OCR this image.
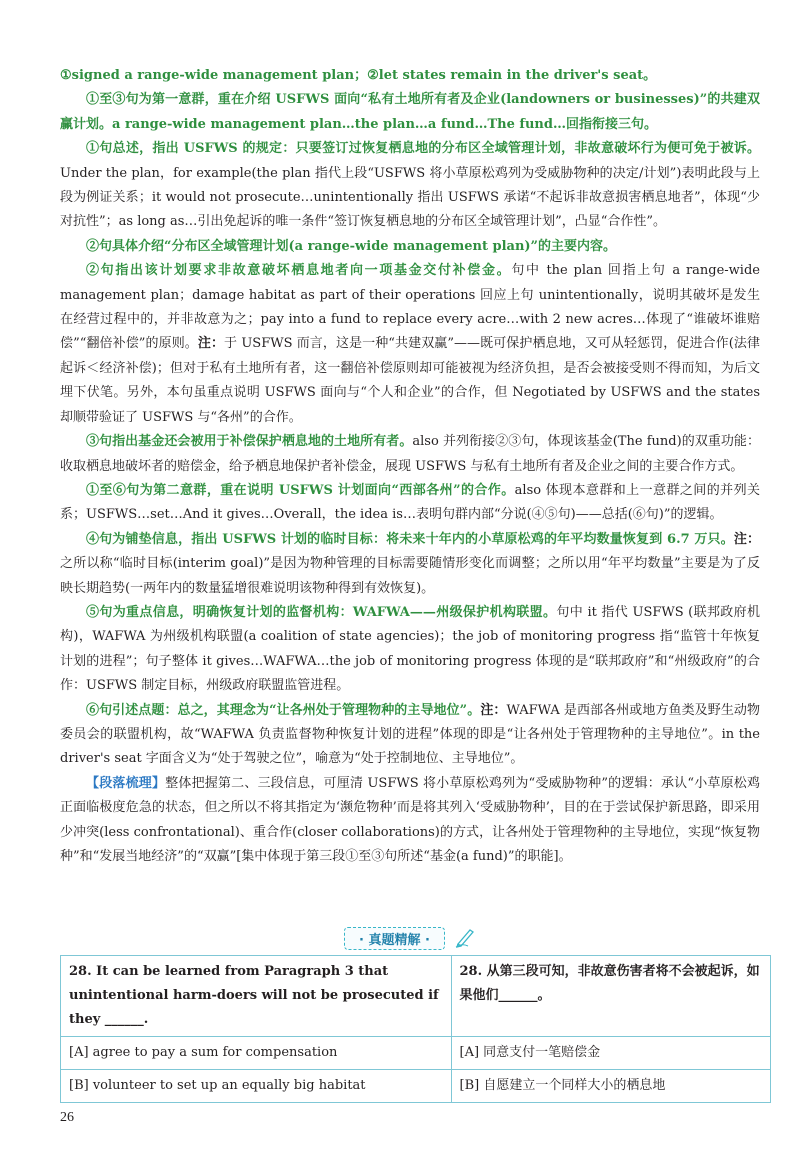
①signed a range-wide management plan；②let states remain in the driver's seat。

①至③句为第一意群，重在介绍 USFWS 面向“私有土地所有者及企业(landowners or businesses)”的共建双赢计划。a range-wide management plan…the plan…a fund…The fund…回指衔接三句。

①句总述，指出 USFWS 的规定：只要签订过恢复栖息地的分布区全域管理计划，非故意破坏行为便可免于被诉。 Under the plan，for example(the plan 指代上段“USFWS 将小草原松鸡列为受威胁物种的决定/计划”)表明此段与上段为例证关系；it would not prosecute…unintentionally 指出 USFWS 承诺“不起诉非故意损害栖息地者”，体现“少对抗性”；as long as…引出免起诉的唯一条件“签订恢复栖息地的分布区全域管理计划”，凸显“合作性”。

②句具体介绍“分布区全域管理计划(a range-wide management plan)”的主要内容。

②句指出该计划要求非故意破坏栖息地者向一项基金交付补偿金。句中 the plan 回指上句 a range-wide management plan；damage habitat as part of their operations 回应上句 unintentionally，说明其破坏是发生在经营过程中的，并非故意为之；pay into a fund to replace every acre…with 2 new acres…体现了“谁破坏谁赔偿”“翻倍补偿”的原则。注：于 USFWS 而言，这是一种“共建双赢”——既可保护栖息地，又可从轻惩罚，促进合作(法律起诉＜经济补偿)；但对于私有土地所有者，这一翻倍补偿原则却可能被视为经济负担，是否会被接受则不得而知，为后文埋下伏笔。另外，本句虽重点说明 USFWS 面向与“个人和企业”的合作，但 Negotiated by USFWS and the states 却顺带验证了 USFWS 与“各州”的合作。

③句指出基金还会被用于补偿保护栖息地的土地所有者。also 并列衔接②③句，体现该基金(The fund)的双重功能：收取栖息地破坏者的赔偿金，给予栖息地保护者补偿金，展现 USFWS 与私有土地所有者及企业之间的主要合作方式。

①至⑥句为第二意群，重在说明 USFWS 计划面向“西部各州”的合作。also 体现本意群和上一意群之间的并列关系；USFWS…set…And it gives…Overall，the idea is…表明句群内部“分说(④⑤句)——总括(⑥句)”的逻辑。

④句为铺垫信息，指出 USFWS 计划的临时目标：将未来十年内的小草原松鸡的年平均数量恢复到 6.7 万只。注：之所以称“临时目标(interim goal)”是因为物种管理的目标需要随情形变化而调整；之所以用“年平均数量”主要是为了反映长期趋势(一两年内的数量猛增很难说明该物种得到有效恢复)。

⑤句为重点信息，明确恢复计划的监督机构：WAFWA——州级保护机构联盟。句中 it 指代 USFWS (联邦政府机构)，WAFWA 为州级机构联盟(a coalition of state agencies)；the job of monitoring progress 指“监管十年恢复计划的进程”；句子整体 it gives…WAFWA…the job of monitoring progress 体现的是“联邦政府”和“州级政府”的合作：USFWS 制定目标，州级政府联盟监管进程。

⑥句引述点题：总之，其理念为“让各州处于管理物种的主导地位”。注：WAFWA 是西部各州或地方鱼类及野生动物委员会的联盟机构，故“WAFWA 负责监督物种恢复计划的进程”体现的即是“让各州处于管理物种的主导地位”。in the driver's seat 字面含义为“处于驾驶之位”，喻意为“处于控制地位、主导地位”。

【段落梳理】整体把握第二、三段信息，可厘清 USFWS 将小草原松鸡列为“受威胁物种”的逻辑：承认“小草原松鸡正面临极度危急的状态，但之所以不将其指定为‘濒危物种’而是将其列入‘受威胁物种’，目的在于尝试保护新思路，即采用少冲突(less confrontational)、重合作(closer collaborations)的方式，让各州处于管理物种的主导地位，实现“恢复物种”和“发展当地经济”的“双赢”[集中体现于第三段①至③句所述“基金(a fund)”的职能]。

· 真题精解 ·
28. It can be learned from Paragraph 3 that unintentional harm-doers will not be prosecuted if they ______.	28. 从第三段可知，非故意伤害者将不会被起诉，如果他们______。
[A] agree to pay a sum for compensation	[A] 同意支付一笔赔偿金
[B] volunteer to set up an equally big habitat	[B] 自愿建立一个同样大小的栖息地
26
